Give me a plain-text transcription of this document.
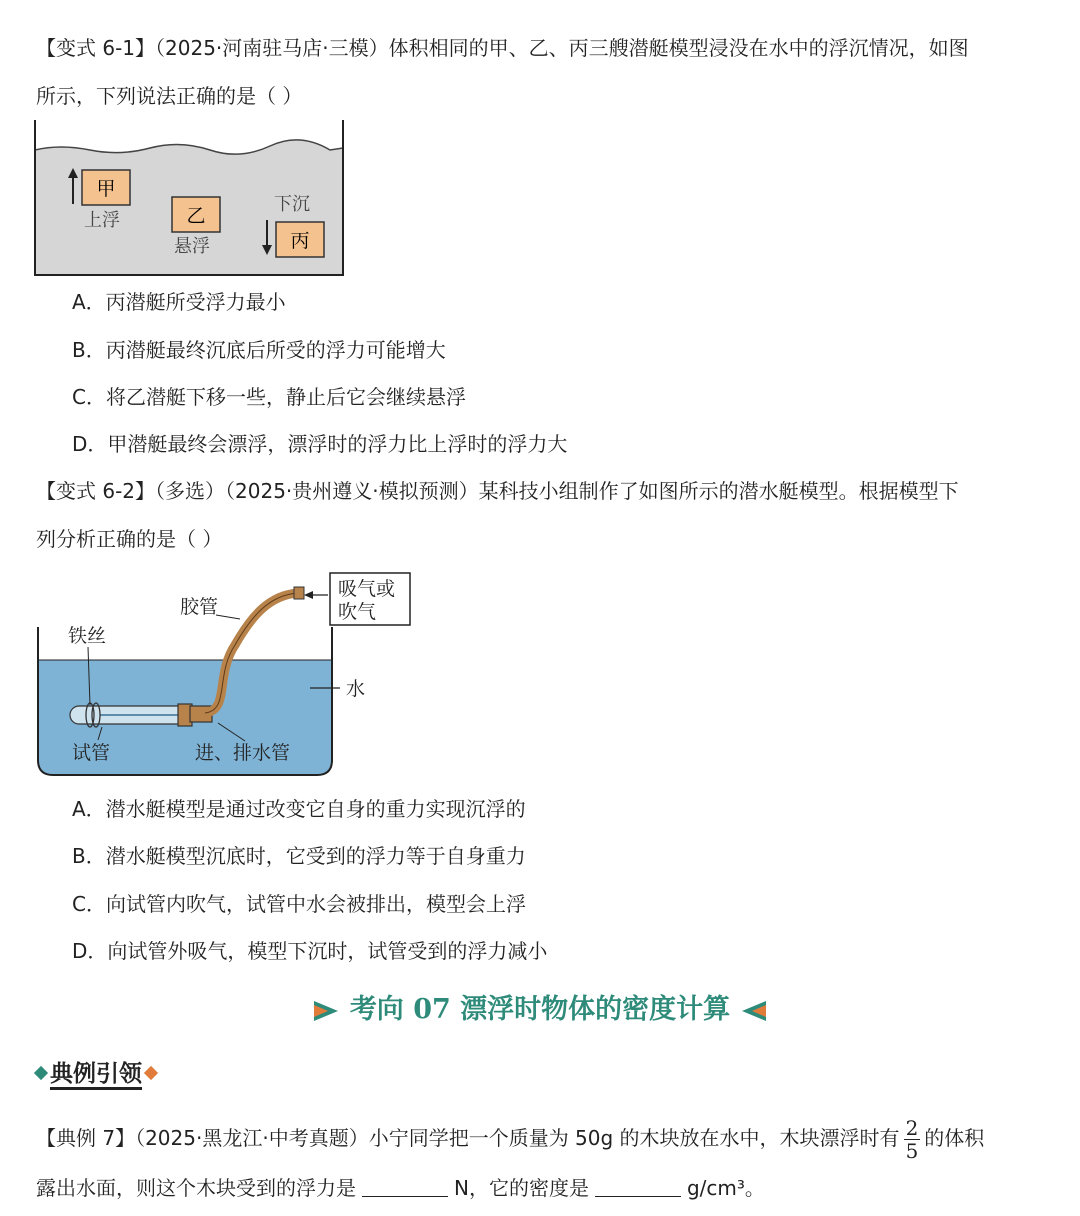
【变式 6-1】（2025·河南驻马店·三模）体积相同的甲、乙、丙三艘潜艇模型浸没在水中的浮沉情况，如图
所示，下列说法正确的是（ ）
甲
上浮	乙
悬浮
下沉
丙
A．丙潜艇所受浮力最小
B．丙潜艇最终沉底后所受的浮力可能增大
C．将乙潜艇下移一些，静止后它会继续悬浮
D．甲潜艇最终会漂浮，漂浮时的浮力比上浮时的浮力大
【变式 6-2】（多选）（2025·贵州遵义·模拟预测）某科技小组制作了如图所示的潜水艇模型。根据模型下
列分析正确的是（ ）
胶管
铁丝
吸气或
吹气
水
试管	进、排水管
A．潜水艇模型是通过改变它自身的重力实现沉浮的
B．潜水艇模型沉底时，它受到的浮力等于自身重力
C．向试管内吹气，试管中水会被排出，模型会上浮
D．向试管外吸气，模型下沉时，试管受到的浮力减小
考向 07 漂浮时物体的密度计算
典例引领
【典例 7】（2025·黑龙江·中考真题）小宁同学把一个质量为 50g 的木块放在水中，木块漂浮时有 $\frac{2}{5}$ 的体积
露出水面，则这个木块受到的浮力是	N，它的密度是	g/cm³。
